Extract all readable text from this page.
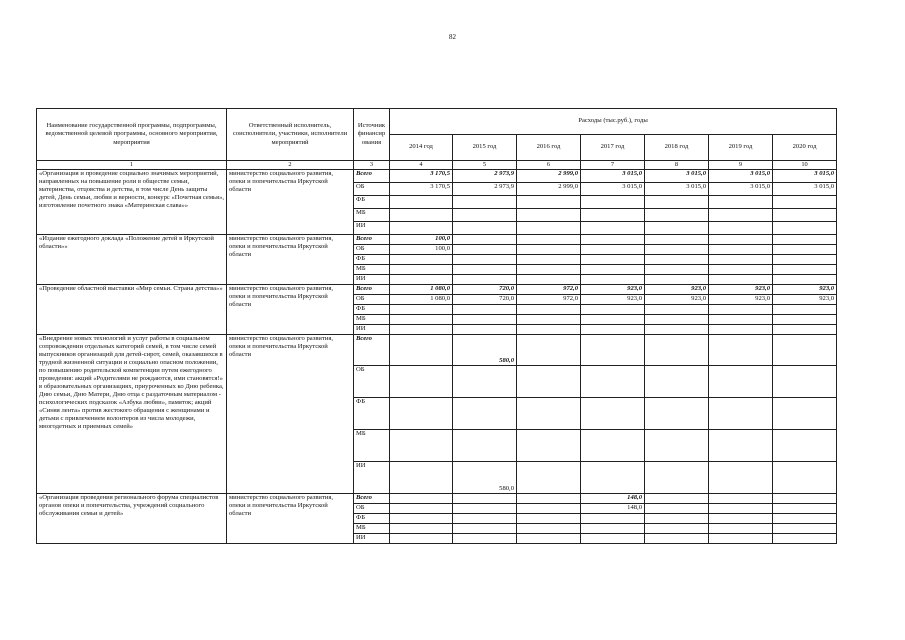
82
Наименование государственной программы, подпрограммы, ведомственной целевой программы, основного мероприятия, мероприятия	Ответственный исполнитель, соисполнители, участники, исполнители мероприятий	Источник финансир ования	Расходы (тыс.руб.), годы						
			2014 год	2015 год	2016 год	2017 год	2018 год	2019 год	2020 год
1	2	3	4	5	6	7	8	9	10
«Организация и проведение социально значимых мероприятий, направленных на повышение роли в обществе семьи, материнства, отцовства и детства, в том числе День защиты детей, День семьи, любви и верности, конкурс «Почетная семья», изготовление почетного знака «Материнская слава»»	министерство социального развития, опеки и попечительства Иркутской области	Всего	3 170,5	2 973,9	2 999,0	3 015,0	3 015,0	3 015,0	3 015,0
		ОБ	3 170,5	2 973,9	2 999,0	3 015,0	3 015,0	3 015,0	3 015,0
		ФБ							
		МБ							
		ИИ							
«Издание ежегодного доклада «Положение детей в Иркутской области»»	министерство социального развития, опеки и попечительства Иркутской области	Всего	100,0						
		ОБ	100,0						
		ФБ							
		МБ							
		ИИ							
«Проведение областной выставки «Мир семьи. Страна детства»»	министерство социального развития, опеки и попечительства Иркутской области	Всего	1 080,0	720,0	972,0	923,0	923,0	923,0	923,0
		ОБ	1 080,0	720,0	972,0	923,0	923,0	923,0	923,0
		ФБ							
		МБ							
		ИИ							
«Внедрение новых технологий и услуг работы в социальном сопровождении отдельных категорий семей, в том числе семей выпускников организаций для детей-сирот, семей, оказавшихся в трудной жизненной ситуации и социально опасном положении, по повышению родительской компетенции путем ежегодного проведения: акций «Родителями не рождаются, ими становятся!» в образовательных организациях, приуроченных ко Дню ребенка, Дню семьи, Дню Матери, Дню отца с раздаточным материалом - психологических подсказок «Азбука любви», памяток; акций «Синяя лента» против жестокого обращения с женщинами и детьми с привлечением волонтеров из числа молодежи, многодетных и приемных семей»	министерство социального развития, опеки и попечительства Иркутской области	Всего		580,0					
		ОБ							
		ФБ							
		МБ							
		ИИ		580,0					
«Организация проведения регионального форума специалистов органов опеки и попечительства, учреждений социального обслуживания семьи и детей»	министерство социального развития, опеки и попечительства Иркутской области	Всего				148,0			
		ОБ				148,0			
		ФБ							
		МБ							
		ИИ							
